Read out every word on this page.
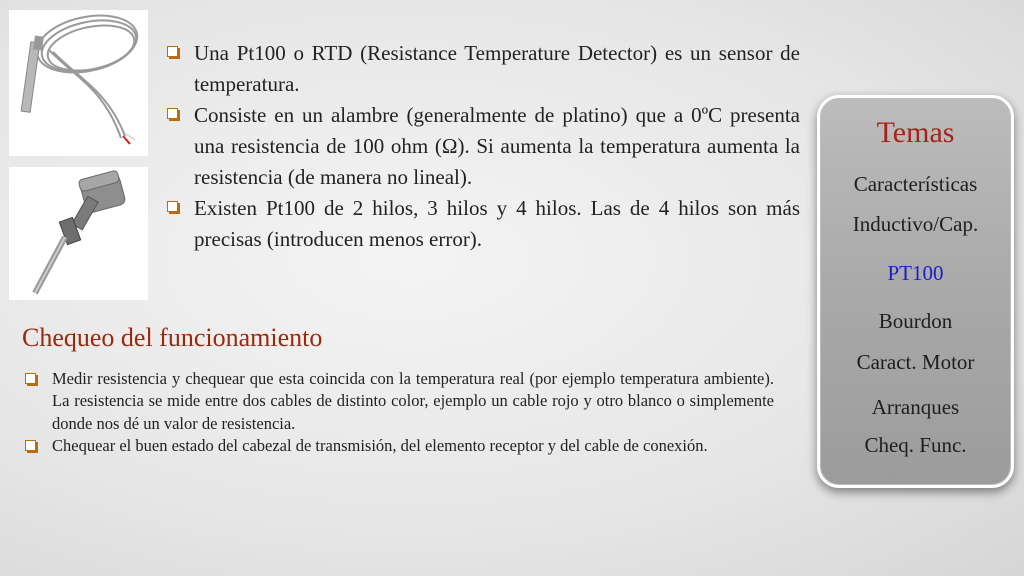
Una Pt100 o RTD (Resistance Temperature Detector) es un sensor de temperatura.
Consiste en un alambre (generalmente de platino) que a 0ºC presenta una resistencia de 100 ohm (Ω). Si aumenta la temperatura aumenta la resistencia (de manera no lineal).
Existen Pt100 de 2 hilos, 3 hilos y 4 hilos. Las de 4 hilos son más precisas (introducen menos error).
Chequeo del funcionamiento
Medir resistencia y chequear que esta coincida con la temperatura real (por ejemplo temperatura ambiente). La resistencia se mide entre dos cables de distinto color, ejemplo un cable rojo y otro blanco o simplemente donde nos dé un valor de resistencia.
Chequear el buen estado del cabezal de transmisión, del elemento receptor y del cable de conexión.
Temas
Características
Inductivo/Cap.
PT100
Bourdon
Caract. Motor
Arranques
Cheq. Func.
